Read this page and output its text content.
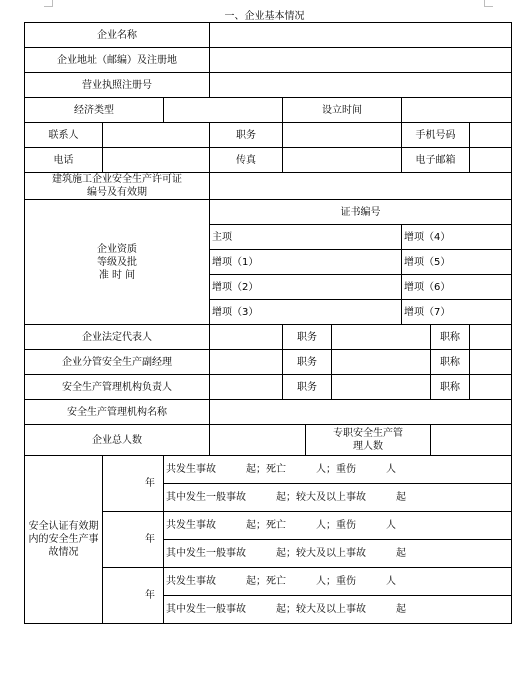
一、企业基本情况
企业名称									
企业地址（邮编）及注册地									
营业执照注册号									
经济类型				设立时间					
联系人			职务				手机号码		
电话			传真				电子邮箱		
建筑施工企业安全生产许可证
编号及有效期									
企业资质
等级及批
准 时 间			证书编号						
			主项				增项（4）		
			增项（1）				增项（5）		
			增项（2）				增项（6）		
			增项（3）				增项（7）		
企业法定代表人				职务				职称	
企业分管安全生产副经理				职务				职称	
安全生产管理机构负责人				职务				职称	
安全生产管理机构名称									
企业总人数					专职安全生产管
理人数				
安全认证有效期
内的安全生产事
故情况	年	共发生事故　　　起；死亡　　　人；重伤　　　人							
		其中发生一般事故　　　起；较大及以上事故　　　起							
	年	共发生事故　　　起；死亡　　　人；重伤　　　人							
		其中发生一般事故　　　起；较大及以上事故　　　起							
	年	共发生事故　　　起；死亡　　　人；重伤　　　人							
		其中发生一般事故　　　起；较大及以上事故　　　起							
